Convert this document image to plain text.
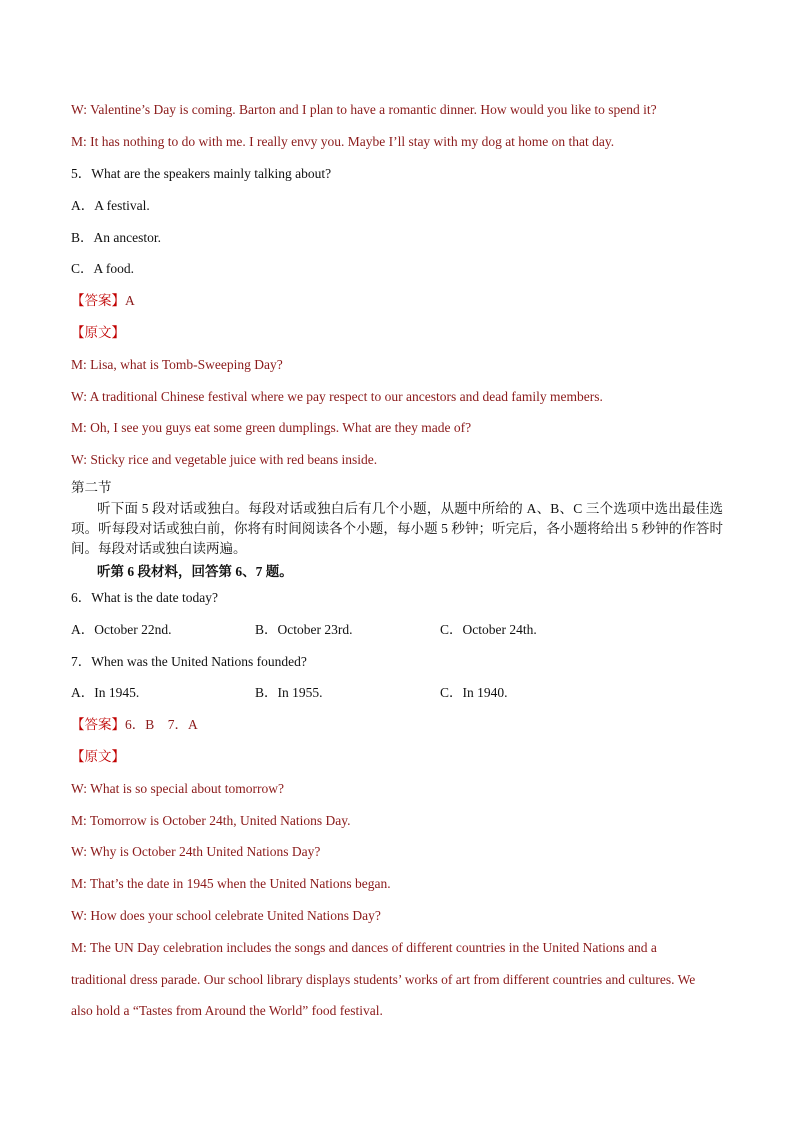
W: Valentine’s Day is coming. Barton and I plan to have a romantic dinner. How would you like to spend it?
M: It has nothing to do with me. I really envy you. Maybe I’ll stay with my dog at home on that day.
5．What are the speakers mainly talking about?
A．A festival.
B．An ancestor.
C．A food.
【答案】A
【原文】
M: Lisa, what is Tomb-Sweeping Day?
W: A traditional Chinese festival where we pay respect to our ancestors and dead family members.
M: Oh, I see you guys eat some green dumplings. What are they made of?
W: Sticky rice and vegetable juice with red beans inside.
第二节
听下面 5 段对话或独白。每段对话或独白后有几个小题，从题中所给的 A、B、C 三个选项中选出最佳选项。听每段对话或独白前，你将有时间阅读各个小题，每小题 5 秒钟；听完后，各小题将给出 5 秒钟的作答时间。每段对话或独白读两遍。
听第 6 段材料，回答第 6、7 题。
6．What is the date today?
A．October 22nd.	B．October 23rd.	C．October 24th.
7．When was the United Nations founded?
A．In 1945.	B．In 1955.	C．In 1940.
【答案】6．B    7．A
【原文】
W: What is so special about tomorrow?
M: Tomorrow is October 24th, United Nations Day.
W: Why is October 24th United Nations Day?
M: That’s the date in 1945 when the United Nations began.
W: How does your school celebrate United Nations Day?
M: The UN Day celebration includes the songs and dances of different countries in the United Nations and a
traditional dress parade. Our school library displays students’ works of art from different countries and cultures. We
also hold a “Tastes from Around the World” food festival.
